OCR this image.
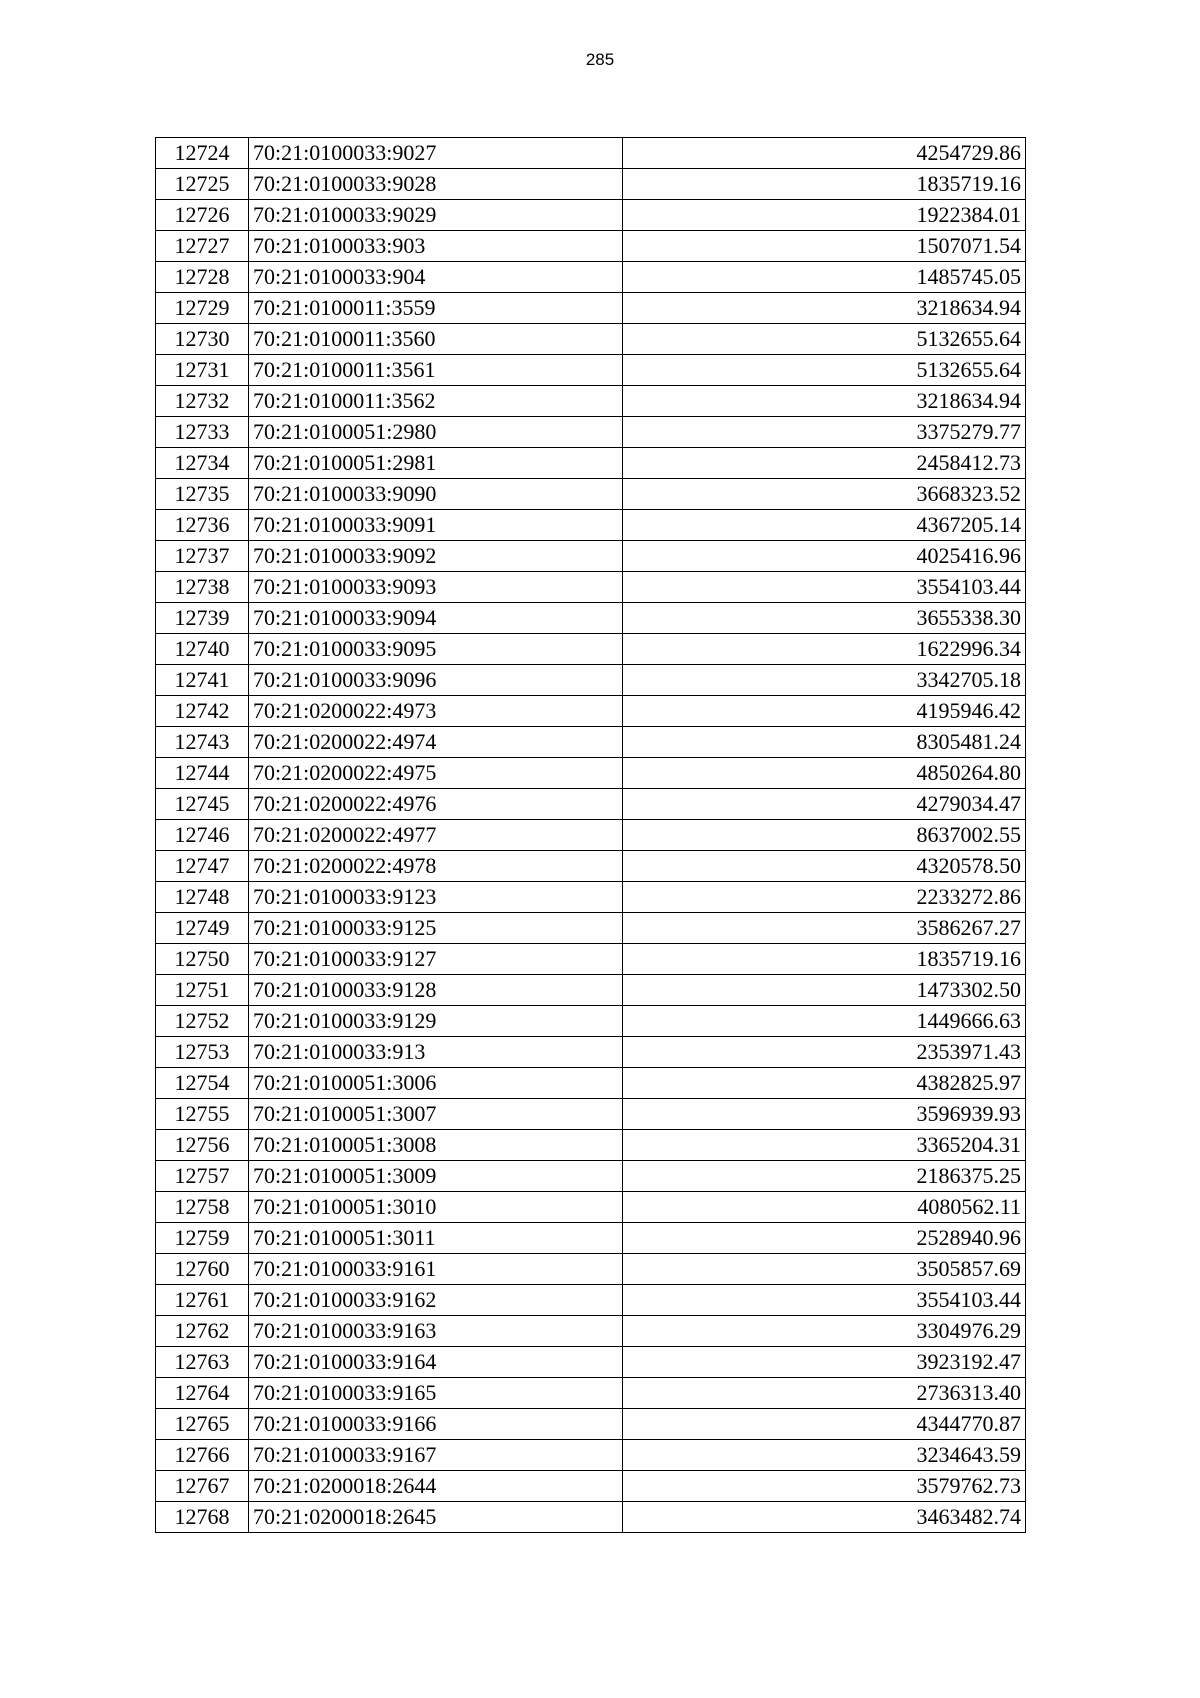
285
12724	70:21:0100033:9027	4254729.86
12725	70:21:0100033:9028	1835719.16
12726	70:21:0100033:9029	1922384.01
12727	70:21:0100033:903	1507071.54
12728	70:21:0100033:904	1485745.05
12729	70:21:0100011:3559	3218634.94
12730	70:21:0100011:3560	5132655.64
12731	70:21:0100011:3561	5132655.64
12732	70:21:0100011:3562	3218634.94
12733	70:21:0100051:2980	3375279.77
12734	70:21:0100051:2981	2458412.73
12735	70:21:0100033:9090	3668323.52
12736	70:21:0100033:9091	4367205.14
12737	70:21:0100033:9092	4025416.96
12738	70:21:0100033:9093	3554103.44
12739	70:21:0100033:9094	3655338.30
12740	70:21:0100033:9095	1622996.34
12741	70:21:0100033:9096	3342705.18
12742	70:21:0200022:4973	4195946.42
12743	70:21:0200022:4974	8305481.24
12744	70:21:0200022:4975	4850264.80
12745	70:21:0200022:4976	4279034.47
12746	70:21:0200022:4977	8637002.55
12747	70:21:0200022:4978	4320578.50
12748	70:21:0100033:9123	2233272.86
12749	70:21:0100033:9125	3586267.27
12750	70:21:0100033:9127	1835719.16
12751	70:21:0100033:9128	1473302.50
12752	70:21:0100033:9129	1449666.63
12753	70:21:0100033:913	2353971.43
12754	70:21:0100051:3006	4382825.97
12755	70:21:0100051:3007	3596939.93
12756	70:21:0100051:3008	3365204.31
12757	70:21:0100051:3009	2186375.25
12758	70:21:0100051:3010	4080562.11
12759	70:21:0100051:3011	2528940.96
12760	70:21:0100033:9161	3505857.69
12761	70:21:0100033:9162	3554103.44
12762	70:21:0100033:9163	3304976.29
12763	70:21:0100033:9164	3923192.47
12764	70:21:0100033:9165	2736313.40
12765	70:21:0100033:9166	4344770.87
12766	70:21:0100033:9167	3234643.59
12767	70:21:0200018:2644	3579762.73
12768	70:21:0200018:2645	3463482.74
